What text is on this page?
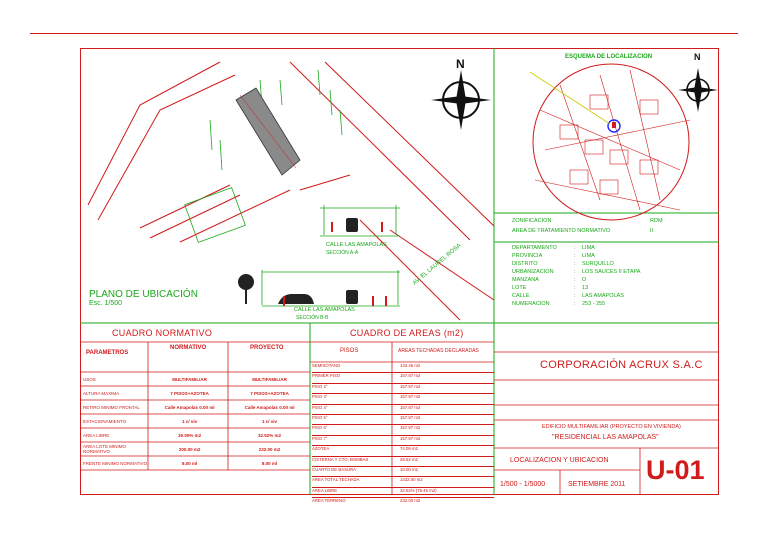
PLANO DE UBICACIÓN
Esc. 1/500
N
AV. EL LAUREL ROSA
CALLE LAS AMAPOLAS
SECCIÓN A-A
CALLE LAS AMAPOLAS
SECCIÓN B-B
ESQUEMA DE LOCALIZACION	N
ZONIFICACION	RDM
AREA DE TRATAMIENTO NORMATIVO	II
DEPARTAMENTO	:	LIMA
PROVINCIA	:	LIMA
DISTRITO	:	SURQUILLO
URBANIZACION	:	LOS SAUCES II ETAPA
MANZANA	:	O
LOTE	:	13
CALLE	:	LAS AMAPOLAS
NUMERACION	:	253 - 255
CUADRO NORMATIVO
PARAMETROS
NORMATIVO	PROYECTO
USOS	MULTIFAMILIAR	MULTIFAMILIAR
ALTURA MAXIMA	7 PISOS+AZOTEA	7 PISOS+AZOTEA
RETIRO MINIMO FRONTAL	Calle Amapolas 0.00 ml	Calle Amapolas 0.00 ml
ESTACIONAMIENTO	1 c/ viv	1 c/ viv
AREA LIBRE	30.00% m2	32.52% m2
AREA LOTE MINIMO NORMATIVO	200.00 m2	232.00 m2
FRENTE MINIMO NORMATIVO	8.00 ml	8.00 ml
CUADRO DE AREAS (m2)
PISOS	AREAS TECHADAS DECLARADAS
SEMISOTANO	143.45 m2
PRIMER PISO	157.87 m2
PISO 2°	157.87 m2
PISO 3°	157.87 m2
PISO 4°	157.87 m2
PISO 5°	157.87 m2
PISO 6°	157.87 m2
PISO 7°	157.87 m2
AZOTEA	74.09 m2
CISTERNA Y CTO. BOMBAS	28.52 m2
CUARTO DE BASURA	10.00 m2
AREA TOTAL TECHADA	1432.00 m2
AREA LIBRE	32.52% (75.45 m2)
AREA TERRENO	232.00 m2
CORPORACIÓN ACRUX S.A.C
EDIFICIO MULTIFAMILIAR (PROYECTO EN VIVIENDA)
"RESIDENCIAL LAS AMAPOLAS"
LOCALIZACION Y UBICACION U-01
1/500 - 1/5000	SETIEMBRE 2011
